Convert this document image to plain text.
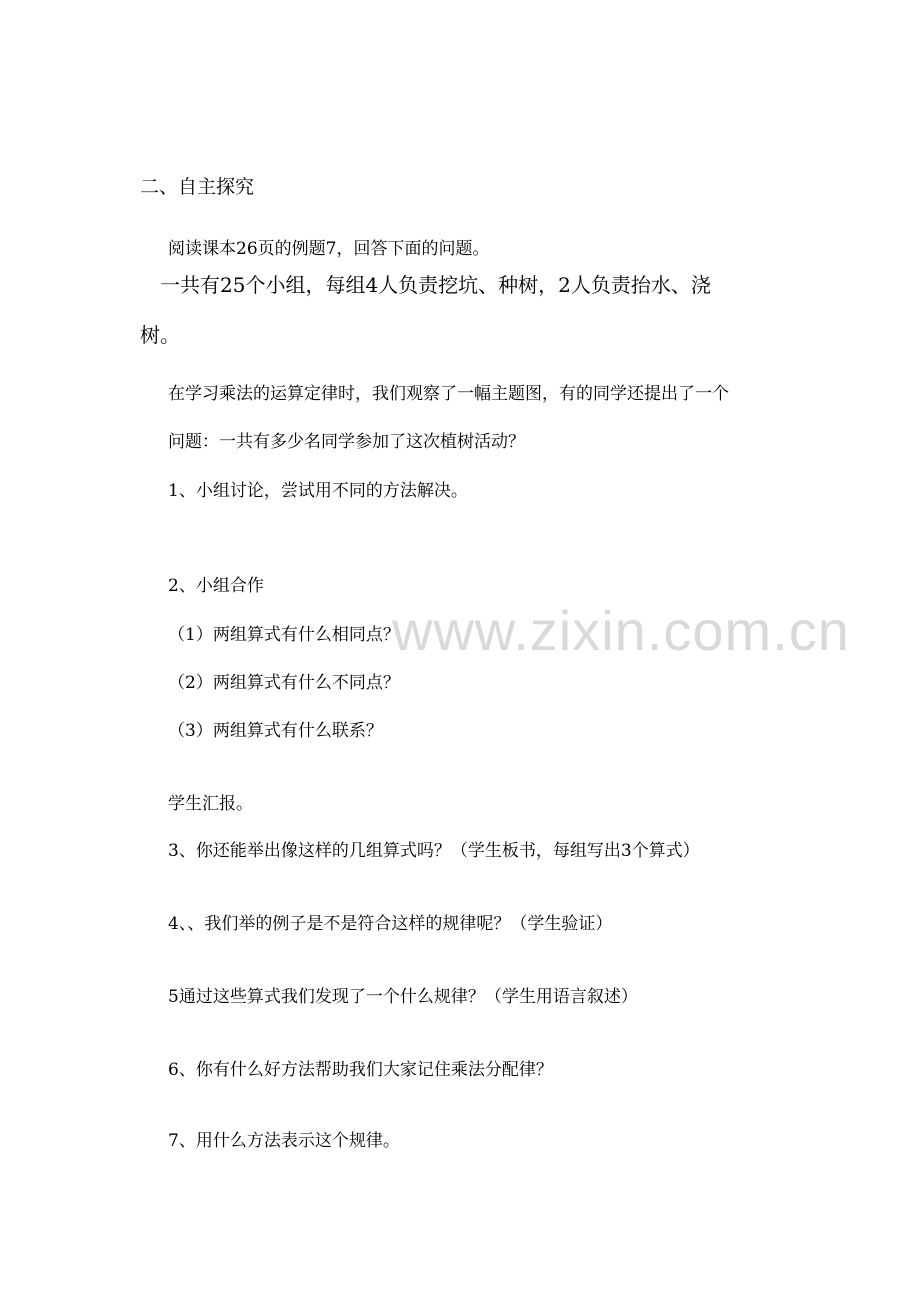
二、自主探究
阅读课本26页的例题7，回答下面的问题。
一共有25个小组，每组4人负责挖坑、种树，2人负责抬水、浇
树。
在学习乘法的运算定律时，我们观察了一幅主题图，有的同学还提出了一个
问题：一共有多少名同学参加了这次植树活动？
1、小组讨论，尝试用不同的方法解决。
2、小组合作
（1）两组算式有什么相同点？
（2）两组算式有什么不同点？
（3）两组算式有什么联系？
学生汇报。
3、你还能举出像这样的几组算式吗？（学生板书，每组写出3个算式）
4、、我们举的例子是不是符合这样的规律呢？（学生验证）
5通过这些算式我们发现了一个什么规律？（学生用语言叙述）
6、你有什么好方法帮助我们大家记住乘法分配律？
7、用什么方法表示这个规律。
www.zixin.com.cn
